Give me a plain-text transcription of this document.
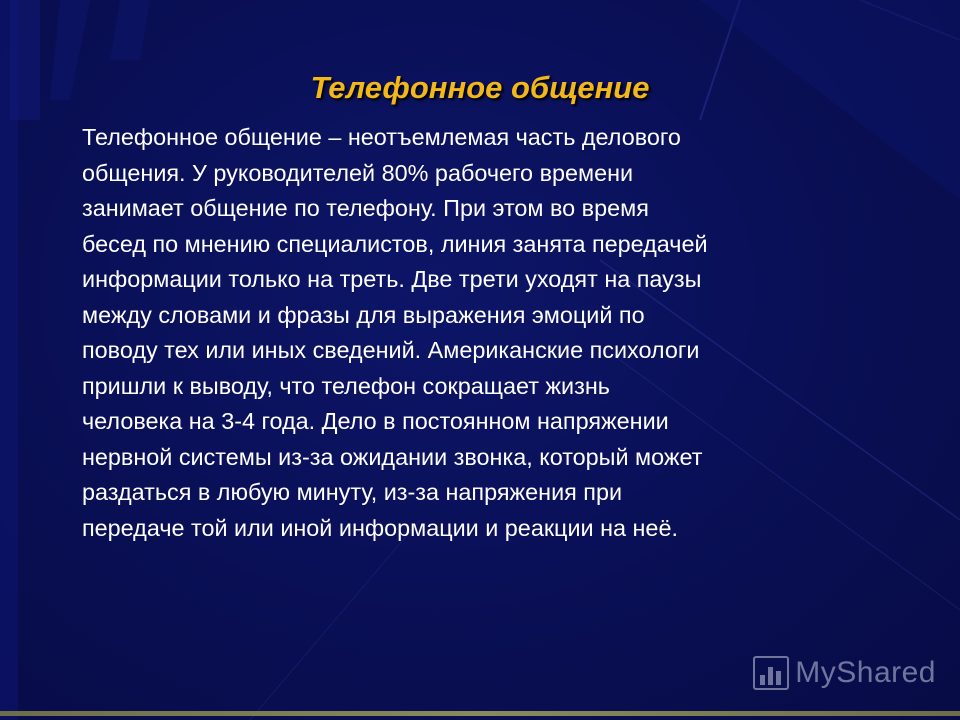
Телефонное общение
Телефонное общение – неотъемлемая часть делового
общения. У руководителей 80% рабочего времени
занимает общение по телефону. При этом во время
бесед по мнению специалистов, линия занята передачей
информации только на треть. Две трети уходят на паузы
между словами и фразы для выражения эмоций по
поводу тех или иных сведений. Американские психологи
пришли к выводу, что телефон сокращает жизнь
человека на 3-4 года. Дело в постоянном напряжении
нервной системы из-за ожидании звонка, который может
раздаться в любую минуту, из-за напряжения при
передаче той или иной информации и реакции на неё.
MyShared
